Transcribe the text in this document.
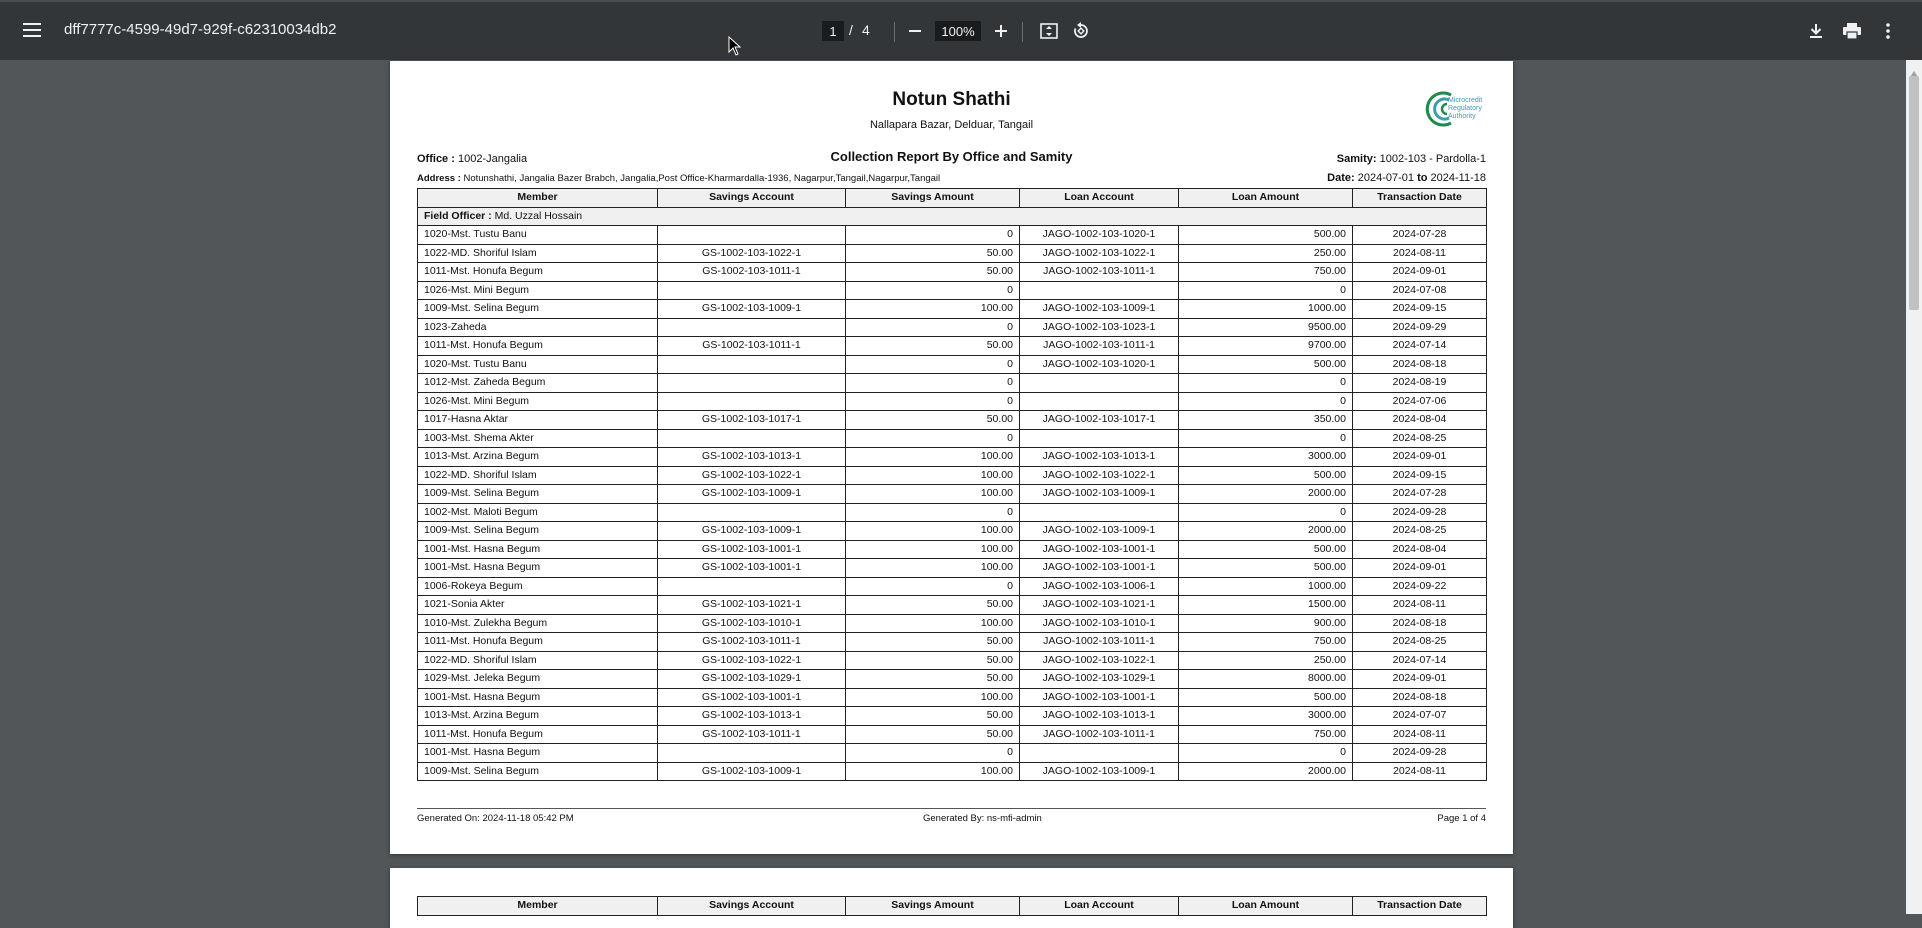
dff7777c-4599-49d7-929f-c62310034db2
1	/ 4
100%
Notun Shathi
Nallapara Bazar, Delduar, Tangail
Microcredit Regulatory Authority
Office : 1002-Jangalia	Collection Report By Office and Samity	Samity: 1002-103 - Pardolla-1
Address : Notunshathi, Jangalia Bazer Brabch, Jangalia,Post Office-Kharmardalla-1936, Nagarpur,Tangail,Nagarpur,Tangail	Date: 2024-07-01 to 2024-11-18
Member	Savings Account	Savings Amount	Loan Account	Loan Amount	Transaction Date
Field Officer : Md. Uzzal Hossain					
1020-Mst. Tustu Banu		0	JAGO-1002-103-1020-1	500.00	2024-07-28
1022-MD. Shoriful Islam	GS-1002-103-1022-1	50.00	JAGO-1002-103-1022-1	250.00	2024-08-11
1011-Mst. Honufa Begum	GS-1002-103-1011-1	50.00	JAGO-1002-103-1011-1	750.00	2024-09-01
1026-Mst. Mini Begum		0		0	2024-07-08
1009-Mst. Selina Begum	GS-1002-103-1009-1	100.00	JAGO-1002-103-1009-1	1000.00	2024-09-15
1023-Zaheda		0	JAGO-1002-103-1023-1	9500.00	2024-09-29
1011-Mst. Honufa Begum	GS-1002-103-1011-1	50.00	JAGO-1002-103-1011-1	9700.00	2024-07-14
1020-Mst. Tustu Banu		0	JAGO-1002-103-1020-1	500.00	2024-08-18
1012-Mst. Zaheda Begum		0		0	2024-08-19
1026-Mst. Mini Begum		0		0	2024-07-06
1017-Hasna Aktar	GS-1002-103-1017-1	50.00	JAGO-1002-103-1017-1	350.00	2024-08-04
1003-Mst. Shema Akter		0		0	2024-08-25
1013-Mst. Arzina Begum	GS-1002-103-1013-1	100.00	JAGO-1002-103-1013-1	3000.00	2024-09-01
1022-MD. Shoriful Islam	GS-1002-103-1022-1	100.00	JAGO-1002-103-1022-1	500.00	2024-09-15
1009-Mst. Selina Begum	GS-1002-103-1009-1	100.00	JAGO-1002-103-1009-1	2000.00	2024-07-28
1002-Mst. Maloti Begum		0		0	2024-09-28
1009-Mst. Selina Begum	GS-1002-103-1009-1	100.00	JAGO-1002-103-1009-1	2000.00	2024-08-25
1001-Mst. Hasna Begum	GS-1002-103-1001-1	100.00	JAGO-1002-103-1001-1	500.00	2024-08-04
1001-Mst. Hasna Begum	GS-1002-103-1001-1	100.00	JAGO-1002-103-1001-1	500.00	2024-09-01
1006-Rokeya Begum		0	JAGO-1002-103-1006-1	1000.00	2024-09-22
1021-Sonia Akter	GS-1002-103-1021-1	50.00	JAGO-1002-103-1021-1	1500.00	2024-08-11
1010-Mst. Zulekha Begum	GS-1002-103-1010-1	100.00	JAGO-1002-103-1010-1	900.00	2024-08-18
1011-Mst. Honufa Begum	GS-1002-103-1011-1	50.00	JAGO-1002-103-1011-1	750.00	2024-08-25
1022-MD. Shoriful Islam	GS-1002-103-1022-1	50.00	JAGO-1002-103-1022-1	250.00	2024-07-14
1029-Mst. Jeleka Begum	GS-1002-103-1029-1	50.00	JAGO-1002-103-1029-1	8000.00	2024-09-01
1001-Mst. Hasna Begum	GS-1002-103-1001-1	100.00	JAGO-1002-103-1001-1	500.00	2024-08-18
1013-Mst. Arzina Begum	GS-1002-103-1013-1	50.00	JAGO-1002-103-1013-1	3000.00	2024-07-07
1011-Mst. Honufa Begum	GS-1002-103-1011-1	50.00	JAGO-1002-103-1011-1	750.00	2024-08-11
1001-Mst. Hasna Begum		0		0	2024-09-28
1009-Mst. Selina Begum	GS-1002-103-1009-1	100.00	JAGO-1002-103-1009-1	2000.00	2024-08-11
Generated On: 2024-11-18 05:42 PM	Generated By: ns-mfi-admin	Page 1 of 4
Member	Savings Account	Savings Amount	Loan Account	Loan Amount	Transaction Date
